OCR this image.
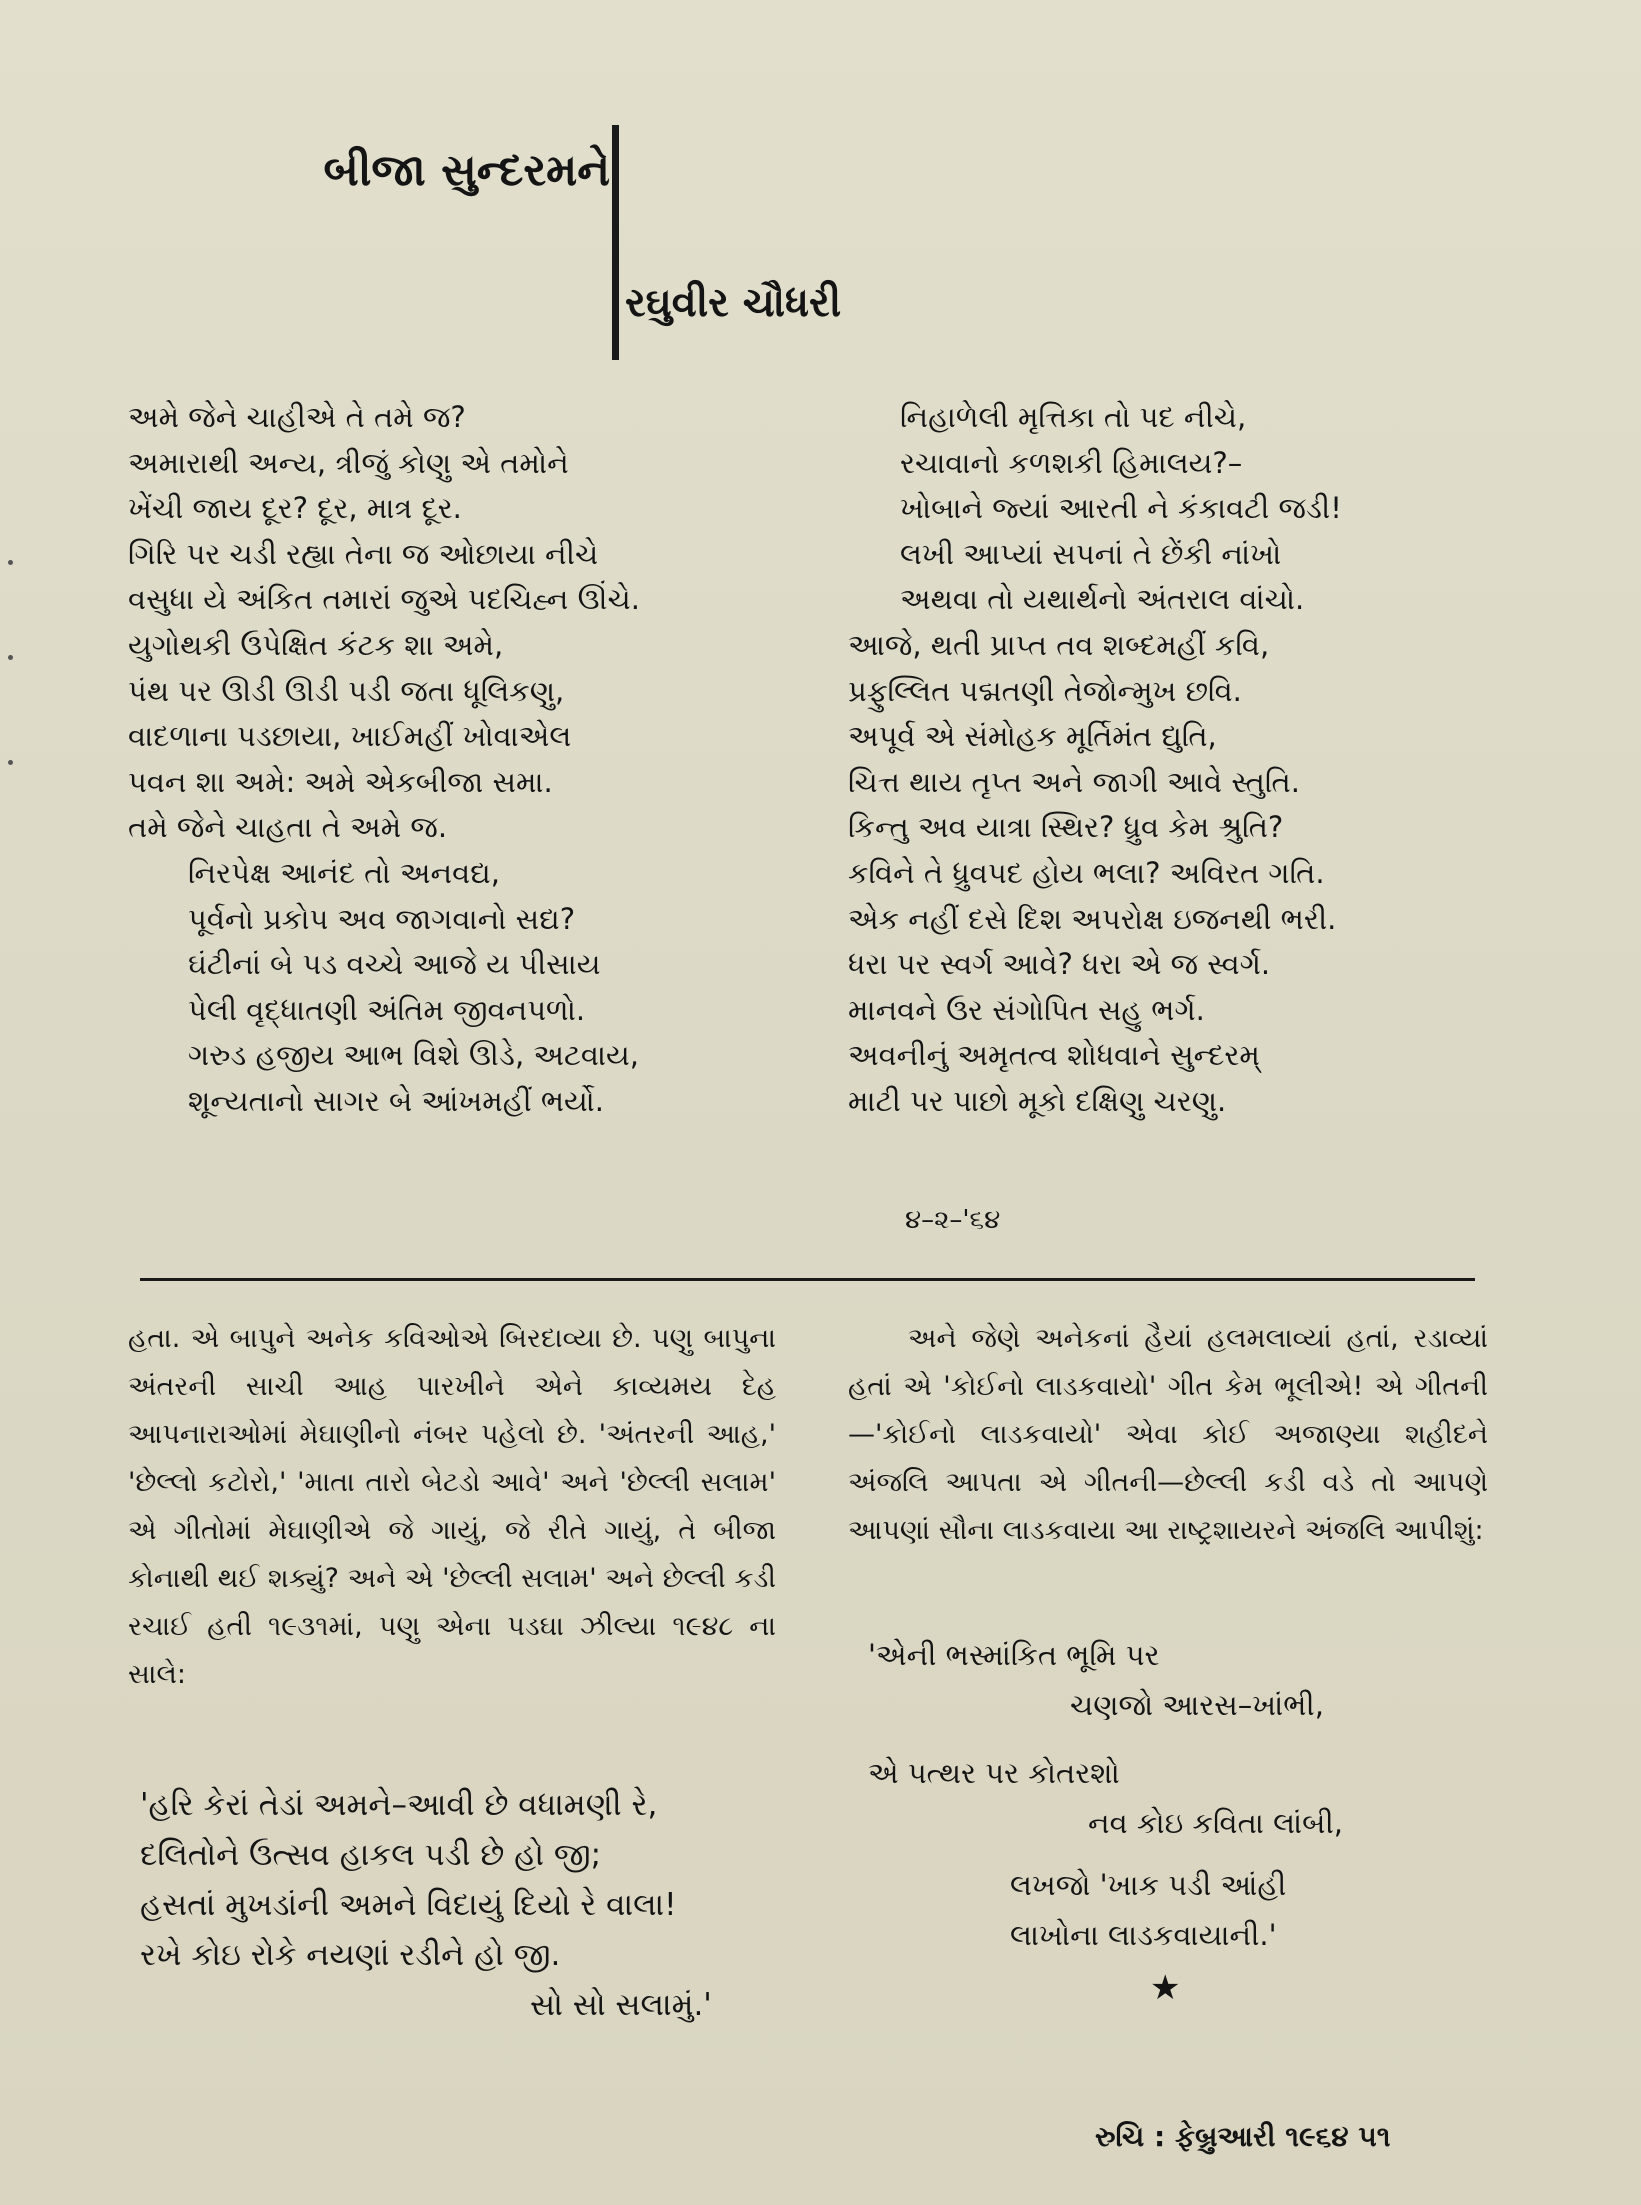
બીજા સુન્દરમને
રઘુવીર ચૌધરી
અમે જેને ચાહીએ તે તમે જ?
અમારાથી અન્ય, ત્રીજું કોણુ એ તમોને
ખેંચી જાય દૂર? દૂર, માત્ર દૂર.
ગિરિ પર ચડી રહ્યા તેના જ ઓછાયા નીચે
વસુધા યે અંકિત તમારાં જુએ પદચિહ્ન ઊંચે.
યુગોથકી ઉપેક્ષિત કંટક શા અમે,
પંથ પર ઊડી ઊડી પડી જતા ધૂલિકણુ,
વાદળાના પડછાયા, ખાઈમહીં ખોવાએલ
પવન શા અમે: અમે એકબીજા સમા.
તમે જેને ચાહતા તે અમે જ.
નિરપેક્ષ આનંદ તો અનવદ્ય,
પૂર્વનો પ્રકોપ અવ જાગવાનો સદ્ય?
ઘંટીનાં બે પડ વચ્ચે આજે ય પીસાય
પેલી વૃદ્ધાતણી અંતિમ જીવનપળો.
ગરુડ હજીય આભ વિશે ઊડે, અટવાય,
શૂન્યતાનો સાગર બે આંખમહીં ભર્યો.
નિહાળેલી મૃત્તિકા તો પદ નીચે,
રચાવાનો કળશકી હિમાલય?–
ખોબાને જ્યાં આરતી ને કંકાવટી જડી!
લખી આપ્યાં સપનાં તે છેંકી નાંખો
અથવા તો યથાર્થનો અંતરાલ વાંચો.
આજે, થતી પ્રાપ્ત તવ શબ્દમહીં કવિ,
પ્રફુલ્લિત પદ્મતણી તેજોન્મુખ છવિ.
અપૂર્વ એ સંમોહક મૂર્તિમંત દ્યુતિ,
ચિત્ત થાય તૃપ્ત અને જાગી આવે સ્તુતિ.
કિન્તુ અવ યાત્રા સ્થિર? ધ્રુવ કેમ શ્રુતિ?
કવિને તે ધ્રુવપદ હોય ભલા? અવિરત ગતિ.
એક નહીં દસે દિશ અપરોક્ષ ઇજનથી ભરી.
ધરા પર સ્વર્ગ આવે? ધરા એ જ સ્વર્ગ.
માનવને ઉર સંગોપિત સહુ ભર્ગ.
અવનીનું અમૃતત્વ શોધવાને સુન્દરમ્
માટી પર પાછો મૂકો દક્ષિણુ ચરણુ.
૪–૨–'૬૪
હતા. એ બાપુને અનેક કવિઓએ બિરદાવ્યા છે. પણુ બાપુના અંતરની સાચી આહ પારખીને એને કાવ્યમય દેહ આપનારાઓમાં મેઘાણીનો નંબર પહેલો છે. 'અંતરની આહ,' 'છેલ્લો કટોરો,' 'માતા તારો બેટડો આવે' અને 'છેલ્લી સલામ' એ ગીતોમાં મેઘાણીએ જે ગાયું, જે રીતે ગાયું, તે બીજા કોનાથી થઈ શક્યું? અને એ 'છેલ્લી સલામ' અને છેલ્લી કડી રચાઈ હતી ૧૯૩૧માં, પણુ એના પડઘા ઝીલ્યા ૧૯૪૮ ના સાલે:
'હરિ કેરાં તેડાં અમને–આવી છે વધામણી રે,
દલિતોને ઉત્સવ હાકલ પડી છે હો જી;
હસતાં મુખડાંની અમને વિદાયું દિયો રે વાલા!
રખે કોઇ રોકે નયણાં રડીને હો જી.
સો સો સલામું.'
અને જેણે અનેકનાં હૈયાં હલમલાવ્યાં હતાં, રડાવ્યાં હતાં એ 'કોઈનો લાડકવાયો' ગીત કેમ ભૂલીએ! એ ગીતની—'કોઈનો લાડકવાયો' એવા કોઈ અજાણ્યા શહીદને અંજલિ આપતા એ ગીતની—છેલ્લી કડી વડે તો આપણે આપણાં સૌના લાડકવાયા આ રાષ્ટ્રશાયરને અંજલિ આપીશું:
'એની ભસ્માંકિત ભૂમિ પર
ચણજો આરસ–ખાંભી,
એ પત્થર પર કોતરશો
નવ કોઇ કવિતા લાંબી,
લખજો 'ખાક પડી આંહી
લાખોના લાડકવાયાની.'
★
રુચિ : ફેબ્રુઆરી ૧૯૬૪ ૫૧
